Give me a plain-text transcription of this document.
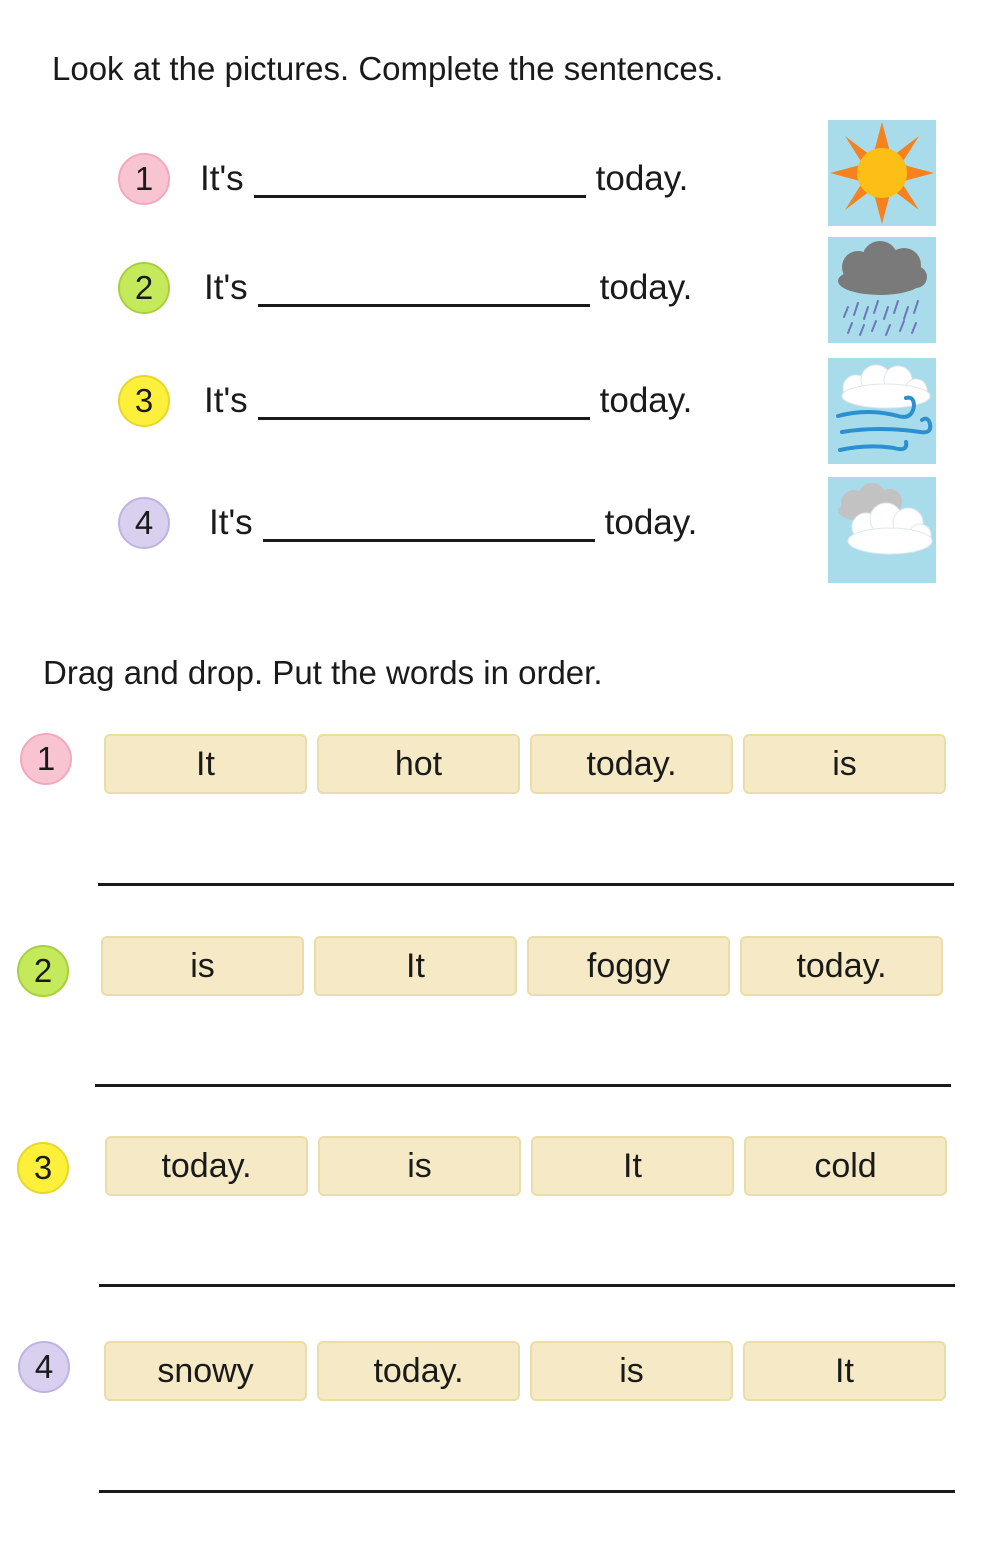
Look at the pictures. Complete the sentences.
1	It's	today.
2	It's	today.
3	It's	today.
4	It's	today.
Drag and drop. Put the words in order.
1	It	hot	today.	is
2	is	It	foggy	today.
3	today.	is	It	cold
4	snowy	today.	is	It
